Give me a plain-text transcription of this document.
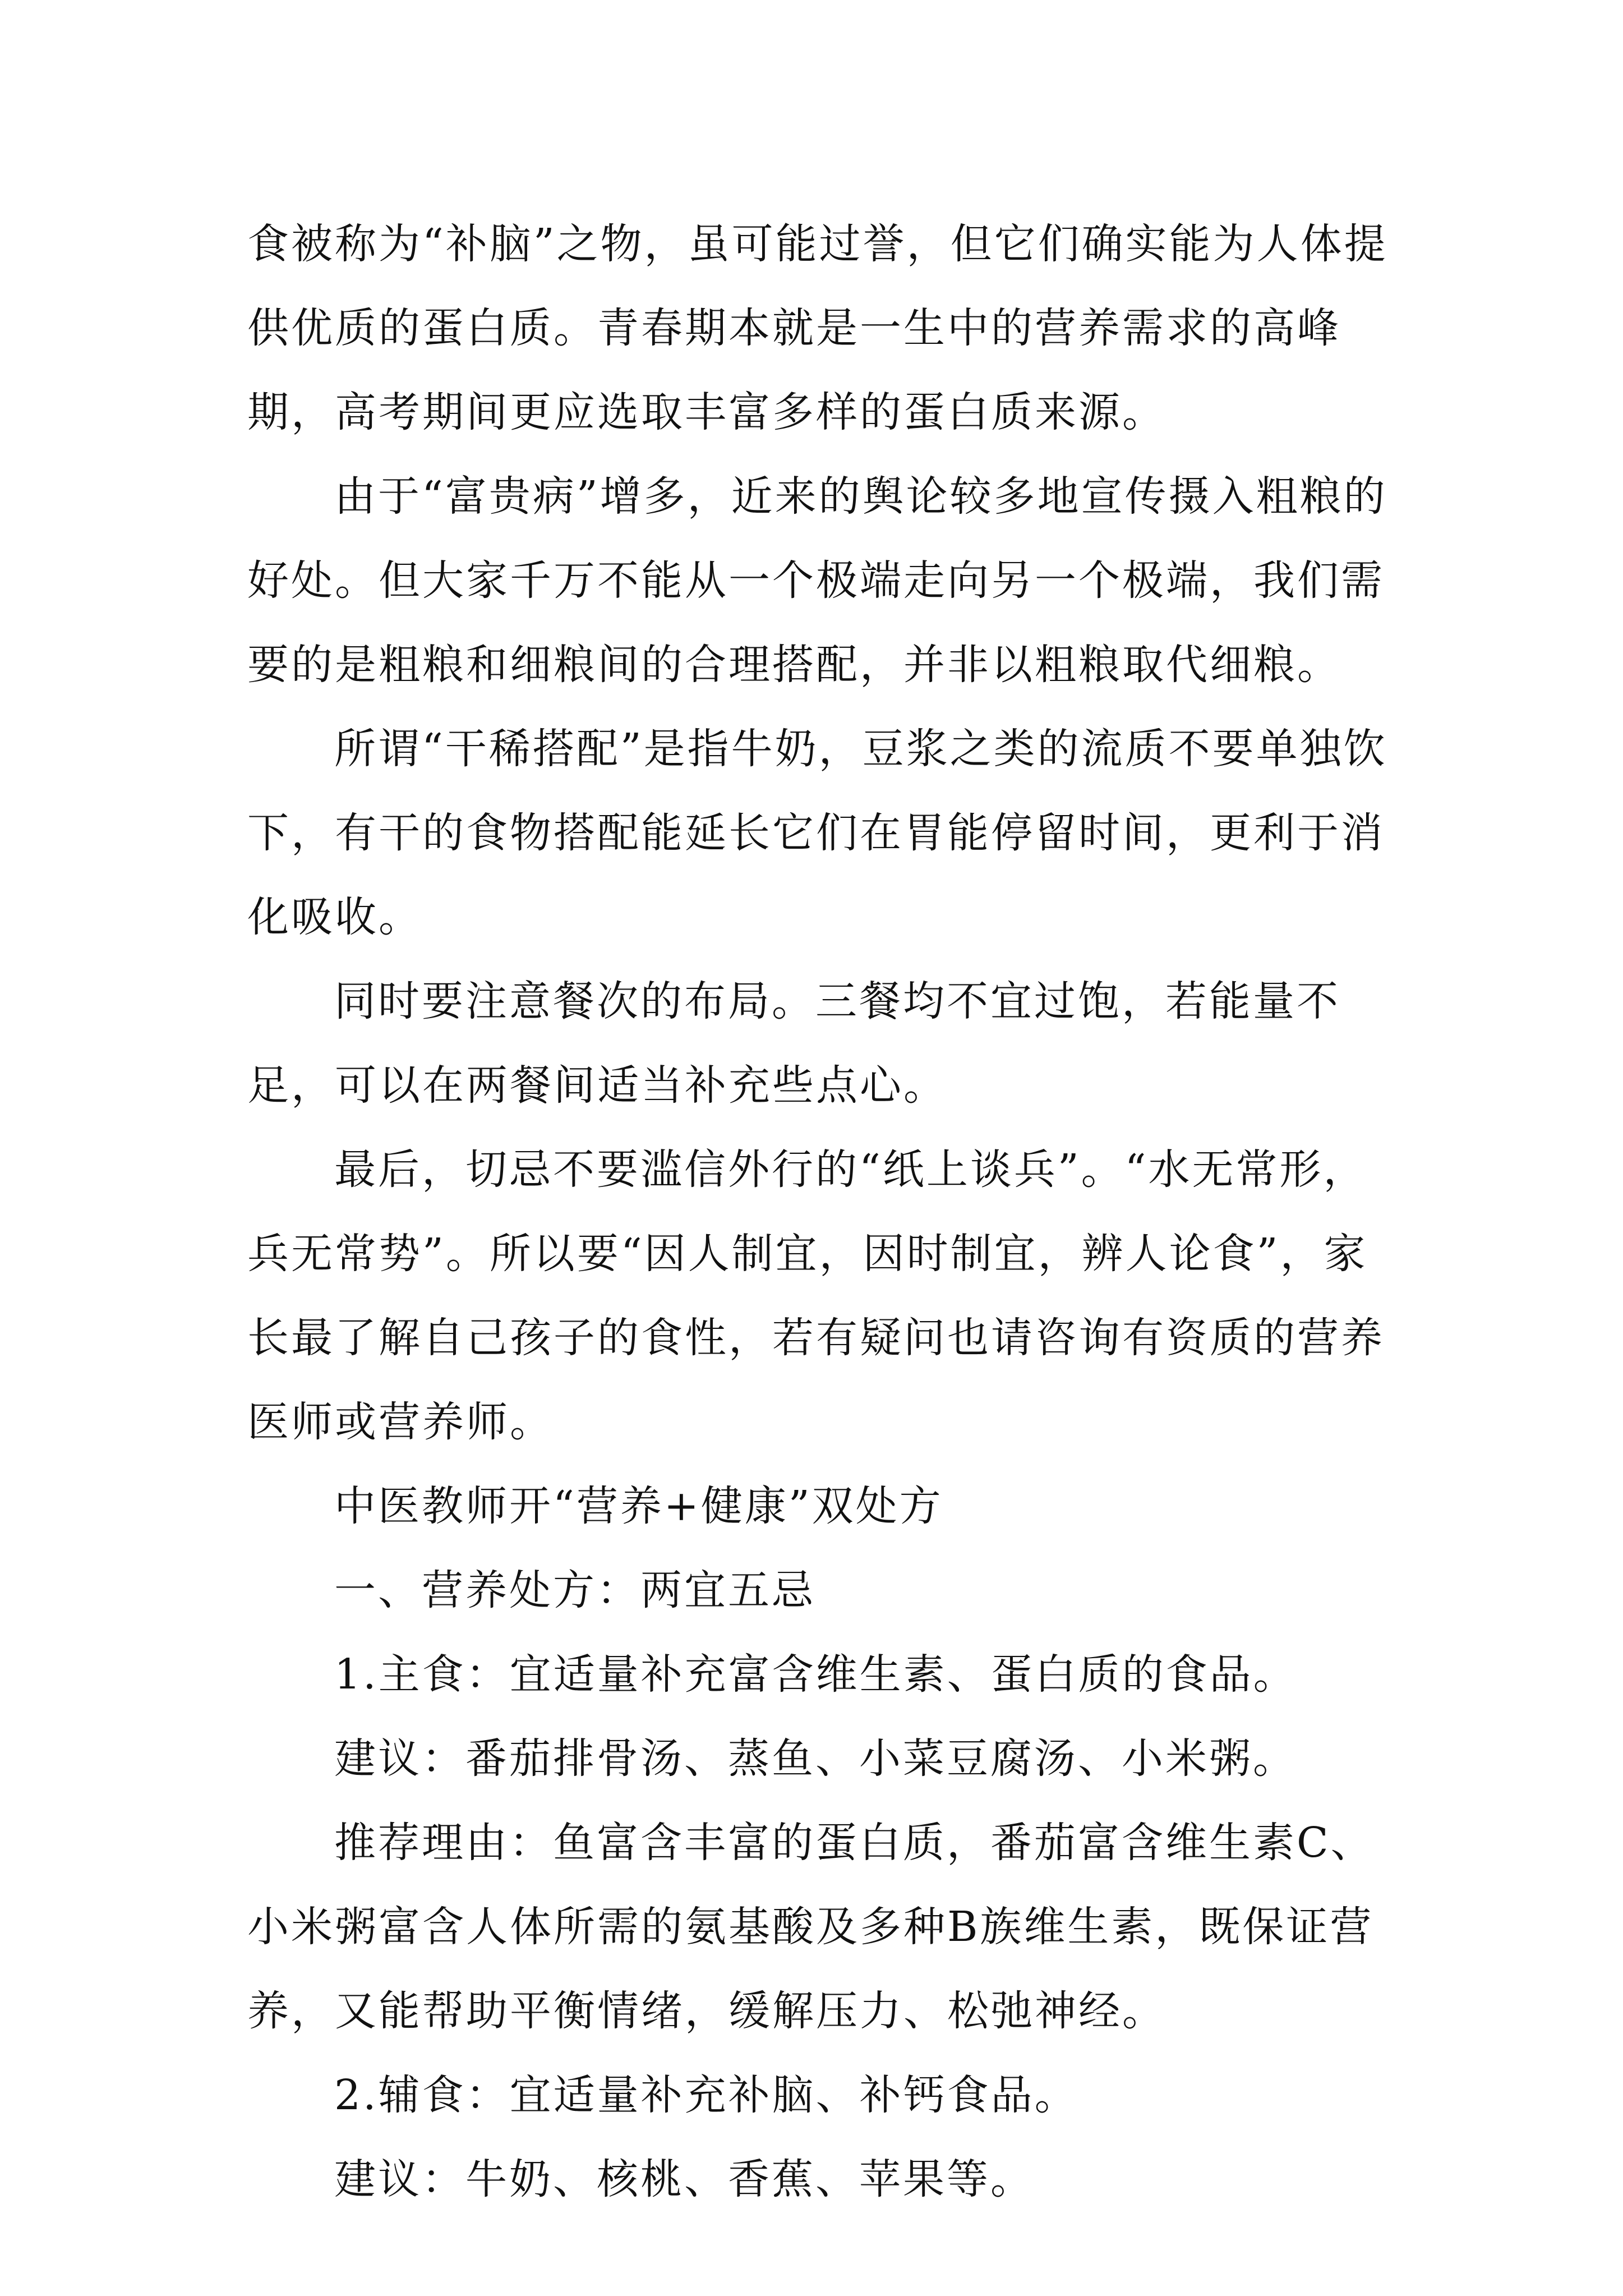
食被称为“补脑”之物，虽可能过誉，但它们确实能为人体提供优质的蛋白质。青春期本就是一生中的营养需求的高峰期，高考期间更应选取丰富多样的蛋白质来源。

由于“富贵病”增多，近来的舆论较多地宣传摄入粗粮的好处。但大家千万不能从一个极端走向另一个极端，我们需要的是粗粮和细粮间的合理搭配，并非以粗粮取代细粮。

所谓“干稀搭配”是指牛奶，豆浆之类的流质不要单独饮下，有干的食物搭配能延长它们在胃能停留时间，更利于消化吸收。

同时要注意餐次的布局。三餐均不宜过饱，若能量不足，可以在两餐间适当补充些点心。

最后，切忌不要滥信外行的“纸上谈兵”。“水无常形，兵无常势”。所以要“因人制宜，因时制宜，辨人论食”，家长最了解自己孩子的食性，若有疑问也请咨询有资质的营养医师或营养师。

中医教师开“营养+健康”双处方

一、营养处方：两宜五忌

1.主食：宜适量补充富含维生素、蛋白质的食品。

建议：番茄排骨汤、蒸鱼、小菜豆腐汤、小米粥。

推荐理由：鱼富含丰富的蛋白质，番茄富含维生素C、小米粥富含人体所需的氨基酸及多种B族维生素，既保证营养，又能帮助平衡情绪，缓解压力、松弛神经。

2.辅食：宜适量补充补脑、补钙食品。

建议：牛奶、核桃、香蕉、苹果等。
